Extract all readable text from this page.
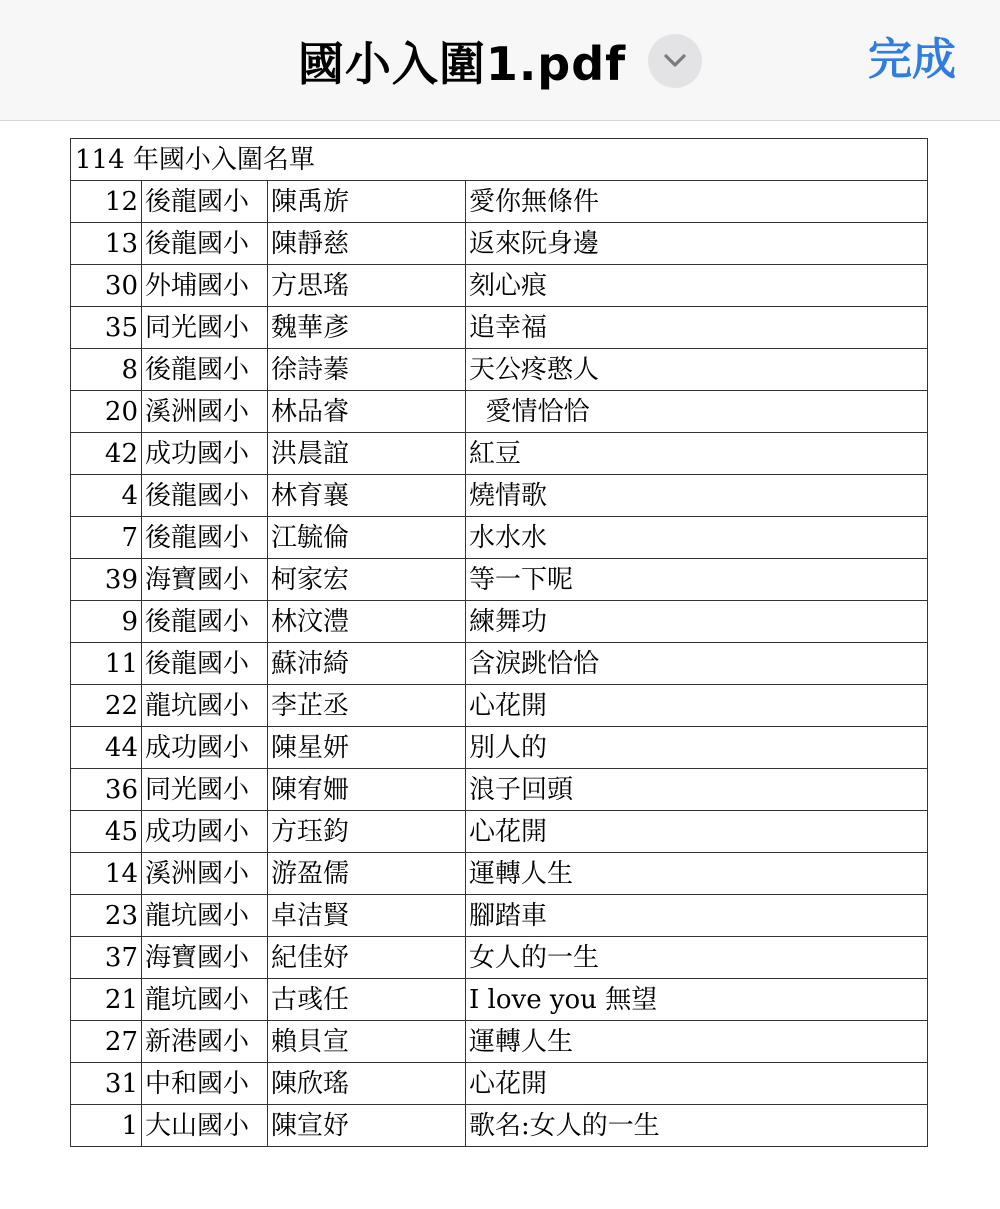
國小入圍1.pdf	完成
114 年國小入圍名單			
12	後龍國小	陳禹旂	愛你無條件
13	後龍國小	陳靜慈	返來阮身邊
30	外埔國小	方思瑤	刻心痕
35	同光國小	魏華彥	追幸福
8	後龍國小	徐詩蓁	天公疼憨人
20	溪洲國小	林品睿	愛情恰恰
42	成功國小	洪晨誼	紅豆
4	後龍國小	林育襄	燒情歌
7	後龍國小	江毓倫	水水水
39	海寶國小	柯家宏	等一下呢
9	後龍國小	林汶澧	練舞功
11	後龍國小	蘇沛綺	含淚跳恰恰
22	龍坑國小	李芷丞	心花開
44	成功國小	陳星妍	別人的
36	同光國小	陳宥姍	浪子回頭
45	成功國小	方珏鈞	心花開
14	溪洲國小	游盈儒	運轉人生
23	龍坑國小	卓洁賢	腳踏車
37	海寶國小	紀佳妤	女人的一生
21	龍坑國小	古彧任	I love you 無望
27	新港國小	賴貝宣	運轉人生
31	中和國小	陳欣瑤	心花開
1	大山國小	陳宣妤	歌名:女人的一生
